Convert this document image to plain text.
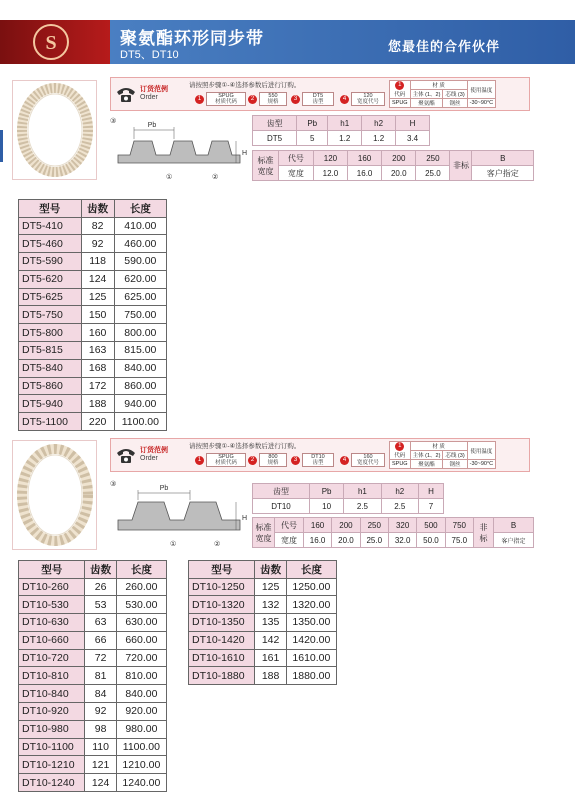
S	聚氨酯环形同步带
DT5、DT10
您最佳的合作伙伴
订货范例
Order
请按照步骤①-④选择参数后进行订购。
1	SPUG
材质代码	2	550
规格	3	DT5
齿型	4	120
宽度代号
1
代码	材 质		使用温度
	主体 (1、2)	芯线 (3)	
SPUG	聚氨酯	钢丝	-30~90°C
Pb
H
③
①	②
齿型	Pb	h1	h2	H
DT5	5	1.2	1.2	3.4
标准宽度	代号	120	160	200	250	非标	B
	宽度	12.0	16.0	20.0	25.0		客户指定
型号	齿数	长度
DT5-410	82	410.00
DT5-460	92	460.00
DT5-590	118	590.00
DT5-620	124	620.00
DT5-625	125	625.00
DT5-750	150	750.00
DT5-800	160	800.00
DT5-815	163	815.00
DT5-840	168	840.00
DT5-860	172	860.00
DT5-940	188	940.00
DT5-1100	220	1100.00
订货范例
Order
请按照步骤①-④选择参数后进行订购。
1	SPUG
材质代码	2	800
规格	3	DT10
齿型	4	160
宽度代号
1
代码	材 质		使用温度
	主体 (1、2)	芯线 (3)	
SPUG	聚氨酯	钢丝	-30~90°C
Pb
H
③
①	②
齿型	Pb	h1	h2	H
DT10	10	2.5	2.5	7
标准宽度	代号	160	200	250	320	500	750	非标	B
	宽度	16.0	20.0	25.0	32.0	50.0	75.0		客户指定
型号	齿数	长度
DT10-260	26	260.00
DT10-530	53	530.00
DT10-630	63	630.00
DT10-660	66	660.00
DT10-720	72	720.00
DT10-810	81	810.00
DT10-840	84	840.00
DT10-920	92	920.00
DT10-980	98	980.00
DT10-1100	110	1100.00
DT10-1210	121	1210.00
DT10-1240	124	1240.00
型号	齿数	长度
DT10-1250	125	1250.00
DT10-1320	132	1320.00
DT10-1350	135	1350.00
DT10-1420	142	1420.00
DT10-1610	161	1610.00
DT10-1880	188	1880.00
